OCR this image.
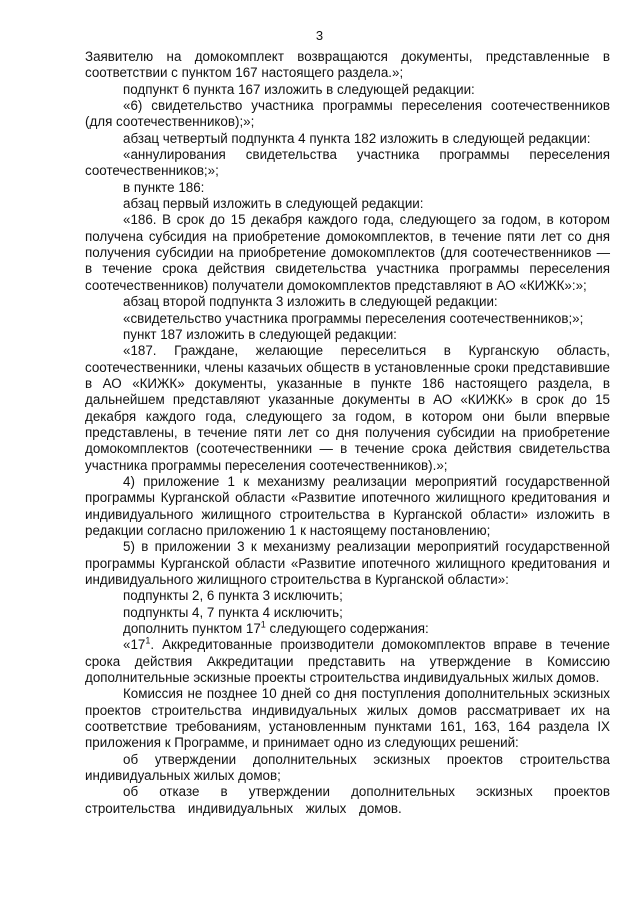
3

Заявителю на домокомплект возвращаются документы, представленные в соответствии с пунктом 167 настоящего раздела.»;

подпункт 6 пункта 167 изложить в следующей редакции:

«6) свидетельство участника программы переселения соотечественников (для соотечественников);»;

абзац четвертый подпункта 4 пункта 182 изложить в следующей редакции:

«аннулирования свидетельства участника программы переселения соотечественников;»;

в пункте 186:

абзац первый изложить в следующей редакции:

«186. В срок до 15 декабря каждого года, следующего за годом, в котором получена субсидия на приобретение домокомплектов, в течение пяти лет со дня получения субсидии на приобретение домокомплектов (для соотечественников — в течение срока действия свидетельства участника программы переселения соотечественников) получатели домокомплектов представляют в АО «КИЖК»:»;

абзац второй подпункта 3 изложить в следующей редакции:

«свидетельство участника программы переселения соотечественников;»;

пункт 187 изложить в следующей редакции:

«187. Граждане, желающие переселиться в Курганскую область, соотечественники, члены казачьих обществ в установленные сроки представившие в АО «КИЖК» документы, указанные в пункте 186 настоящего раздела, в дальнейшем представляют указанные документы в АО «КИЖК» в срок до 15 декабря каждого года, следующего за годом, в котором они были впервые представлены, в течение пяти лет со дня получения субсидии на приобретение домокомплектов (соотечественники — в течение срока действия свидетельства участника программы переселения соотечественников).»;

4) приложение 1 к механизму реализации мероприятий государственной программы Курганской области «Развитие ипотечного жилищного кредитования и индивидуального жилищного строительства в Курганской области» изложить в редакции согласно приложению 1 к настоящему постановлению;

5) в приложении 3 к механизму реализации мероприятий государственной программы Курганской области «Развитие ипотечного жилищного кредитования и индивидуального жилищного строительства в Курганской области»:

подпункты 2, 6 пункта 3 исключить;

подпункты 4, 7 пункта 4 исключить;

дополнить пунктом $17^1$ следующего содержания:

«$17^1$. Аккредитованные производители домокомплектов вправе в течение срока действия Аккредитации представить на утверждение в Комиссию дополнительные эскизные проекты строительства индивидуальных жилых домов.

Комиссия не позднее 10 дней со дня поступления дополнительных эскизных проектов строительства индивидуальных жилых домов рассматривает их на соответствие требованиям, установленным пунктами 161, 163, 164 раздела IX приложения к Программе, и принимает одно из следующих решений:

об утверждении дополнительных эскизных проектов строительства индивидуальных жилых домов;

об отказе в утверждении дополнительных эскизных проектов строительства индивидуальных жилых домов.
